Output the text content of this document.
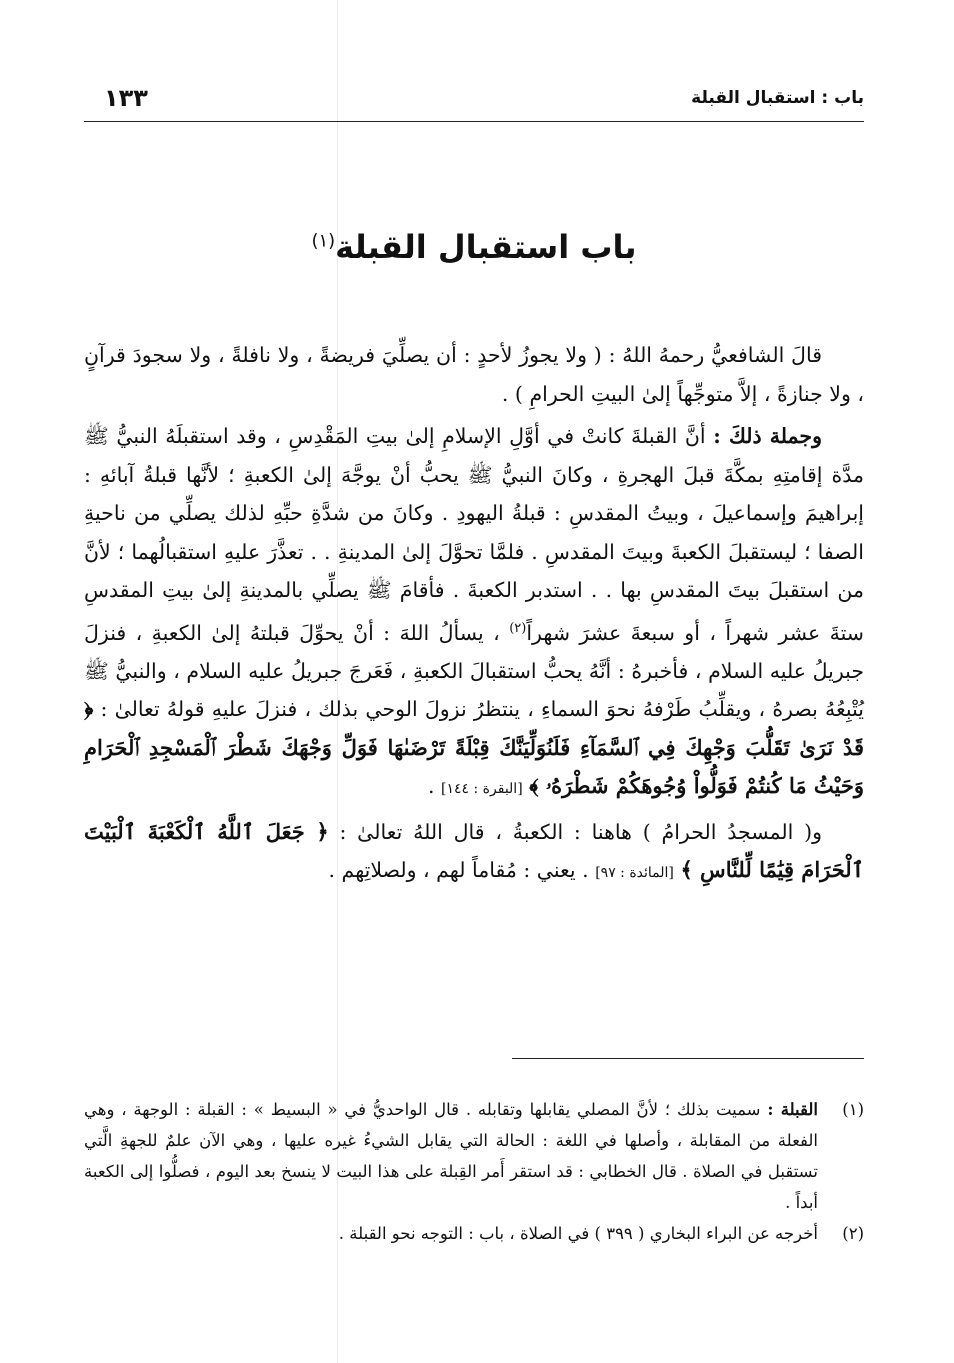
باب : استقبال القبلة
١٣٣
باب استقبال القبلة$^{(١)}$

قالَ الشافعيُّ رحمهُ اللهُ : ( ولا يجوزُ لأحدٍ : أن يصلِّيَ فريضةً ، ولا نافلةً ، ولا سجودَ قرآنٍ ، ولا جنازةً ، إلاَّ متوجِّهاً إلىٰ البيتِ الحرامِ ) .

وجملة ذلكَ : أنَّ القبلةَ كانتْ في أوَّلِ الإسلامِ إلىٰ بيتِ المَقْدِسِ ، وقد استقبلَهُ النبيُّ ﷺ مدَّة إقامتِهِ بمكَّةَ قبلَ الهجرةِ ، وكانَ النبيُّ ﷺ يحبُّ أنْ يوجَّهَ إلىٰ الكعبةِ ؛ لأنَّها قبلةُ آبائهِ : إبراهيمَ وإسماعيلَ ، وبيتُ المقدسِ : قبلةُ اليهودِ . وكانَ من شدَّةِ حبِّهِ لذلك يصلِّي من ناحيةِ الصفا ؛ ليستقبلَ الكعبةَ وبيتَ المقدسِ . فلمَّا تحوَّلَ إلىٰ المدينةِ . . تعذَّرَ عليهِ استقبالُهما ؛ لأنَّ من استقبلَ بيتَ المقدسِ بها . . استدبر الكعبةَ . فأقامَ ﷺ يصلِّي بالمدينةِ إلىٰ بيتِ المقدسِ ستةَ عشر شهراً ، أو سبعةَ عشرَ شهراً$^{(٢)}$ ، يسألُ اللهَ : أنْ يحوِّلَ قبلتهُ إلىٰ الكعبةِ ، فنزلَ جبريلُ عليه السلام ، فأخبرهُ : أنَّهُ يحبُّ استقبالَ الكعبةِ ، فَعَرجَ جبريلُ عليه السلام ، والنبيُّ ﷺ يُتْبِعُهُ بصرهُ ، ويقلِّبُ طَرْفهُ نحوَ السماءِ ، ينتظرُ نزولَ الوحي بذلك ، فنزلَ عليهِ قولهُ تعالىٰ : ﴿ قَدْ نَرَىٰ تَقَلُّبَ وَجْهِكَ فِي ٱلسَّمَآءِ فَلَنُوَلِّيَنَّكَ قِبْلَةً تَرْضَىٰهَا فَوَلِّ وَجْهَكَ شَطْرَ ٱلْمَسْجِدِ ٱلْحَرَامِ وَحَيْثُ مَا كُنتُمْ فَوَلُّواْ وُجُوهَكُمْ شَطْرَهُۥ ﴾ [البقرة : ١٤٤] .

و( المسجدُ الحرامُ ) هاهنا : الكعبةُ ، قال اللهُ تعالىٰ : ﴿ جَعَلَ ٱللَّهُ ٱلْكَعْبَةَ ٱلْبَيْتَ ٱلْحَرَامَ قِيَٰمًا لِّلنَّاسِ ﴾ [المائدة : ٩٧] . يعني : مُقاماً لهم ، ولصلاتِهم .

(١)
القبلة : سميت بذلك ؛ لأنَّ المصلي يقابلها وتقابله . قال الواحديُّ في « البسيط » : القبلة : الوجهة ، وهي الفعلة من المقابلة ، وأصلها في اللغة : الحالة التي يقابل الشيءُ غيره عليها ، وهي الآن علمٌ للجهةِ الَّتي تستقبل في الصلاة . قال الخطابي : قد استقر أَمر القِبلة على هذا البيت لا ينسخ بعد اليوم ، فصلُّوا إلى الكعبة أبداً .
(٢)
أخرجه عن البراء البخاري ( ٣٩٩ ) في الصلاة ، باب : التوجه نحو القبلة .
